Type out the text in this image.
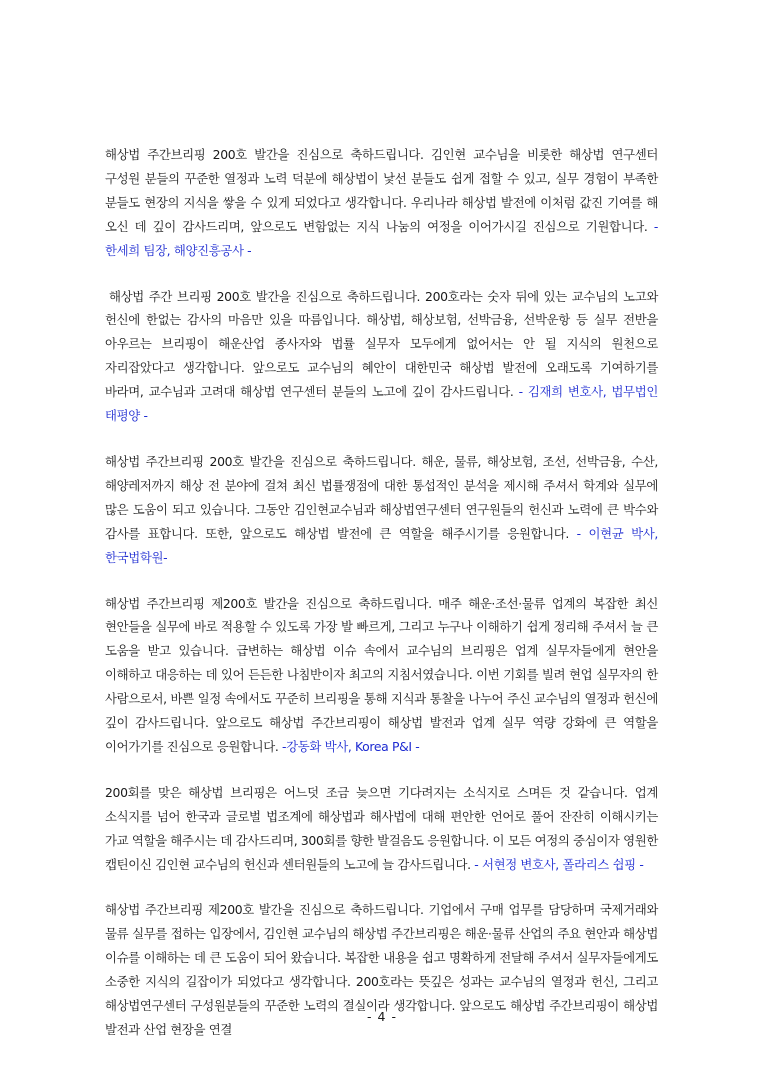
해상법 주간브리핑 200호 발간을 진심으로 축하드립니다. 김인현 교수님을 비롯한 해상법 연구센터 구성원 분들의 꾸준한 열정과 노력 덕분에 해상법이 낯선 분들도 쉽게 접할 수 있고, 실무 경험이 부족한 분들도 현장의 지식을 쌓을 수 있게 되었다고 생각합니다. 우리나라 해상법 발전에 이처럼 값진 기여를 해 오신 데 깊이 감사드리며, 앞으로도 변함없는 지식 나눔의 여정을 이어가시길 진심으로 기원합니다. - 한세희 팀장, 해양진흥공사 -

해상법 주간 브리핑 200호 발간을 진심으로 축하드립니다. 200호라는 숫자 뒤에 있는 교수님의 노고와 헌신에 한없는 감사의 마음만 있을 따름입니다. 해상법, 해상보험, 선박금융, 선박운항 등 실무 전반을 아우르는 브리핑이 해운산업 종사자와 법률 실무자 모두에게 없어서는 안 될 지식의 원천으로 자리잡았다고 생각합니다. 앞으로도 교수님의 혜안이 대한민국 해상법 발전에 오래도록 기여하기를 바라며, 교수님과 고려대 해상법 연구센터 분들의 노고에 깊이 감사드립니다. - 김재희 변호사, 법무법인 태평양 -

해상법 주간브리핑 200호 발간을 진심으로 축하드립니다. 해운, 물류, 해상보험, 조선, 선박금융, 수산, 해양레저까지 해상 전 분야에 걸쳐 최신 법률쟁점에 대한 통섭적인 분석을 제시해 주셔서 학계와 실무에 많은 도움이 되고 있습니다. 그동안 김인현교수님과 해상법연구센터 연구원들의 헌신과 노력에 큰 박수와 감사를 표합니다. 또한, 앞으로도 해상법 발전에 큰 역할을 해주시기를 응원합니다. - 이현균 박사, 한국법학원-

해상법 주간브리핑 제200호 발간을 진심으로 축하드립니다. 매주 해운·조선·물류 업계의 복잡한 최신 현안들을 실무에 바로 적용할 수 있도록 가장 발 빠르게, 그리고 누구나 이해하기 쉽게 정리해 주셔서 늘 큰 도움을 받고 있습니다. 급변하는 해상법 이슈 속에서 교수님의 브리핑은 업계 실무자들에게 현안을 이해하고 대응하는 데 있어 든든한 나침반이자 최고의 지침서였습니다. 이번 기회를 빌려 현업 실무자의 한 사람으로서, 바쁜 일정 속에서도 꾸준히 브리핑을 통해 지식과 통찰을 나누어 주신 교수님의 열정과 헌신에 깊이 감사드립니다. 앞으로도 해상법 주간브리핑이 해상법 발전과 업계 실무 역량 강화에 큰 역할을 이어가기를 진심으로 응원합니다. -강동화 박사, Korea P&I -

200회를 맞은 해상법 브리핑은 어느덧 조금 늦으면 기다려지는 소식지로 스며든 것 같습니다. 업계 소식지를 넘어 한국과 글로벌 법조계에 해상법과 해사법에 대해 편안한 언어로 풀어 잔잔히 이해시키는 가교 역할을 해주시는 데 감사드리며, 300회를 향한 발걸음도 응원합니다. 이 모든 여정의 중심이자 영원한 캡틴이신 김인현 교수님의 헌신과 센터원들의 노고에 늘 감사드립니다. - 서현정 변호사, 폴라리스 쉽핑 -

해상법 주간브리핑 제200호 발간을 진심으로 축하드립니다. 기업에서 구매 업무를 담당하며 국제거래와 물류 실무를 접하는 입장에서, 김인현 교수님의 해상법 주간브리핑은 해운·물류 산업의 주요 현안과 해상법 이슈를 이해하는 데 큰 도움이 되어 왔습니다. 복잡한 내용을 쉽고 명확하게 전달해 주셔서 실무자들에게도 소중한 지식의 길잡이가 되었다고 생각합니다. 200호라는 뜻깊은 성과는 교수님의 열정과 헌신, 그리고 해상법연구센터 구성원분들의 꾸준한 노력의 결실이라 생각합니다. 앞으로도 해상법 주간브리핑이 해상법 발전과 산업 현장을 연결

- 4 -
